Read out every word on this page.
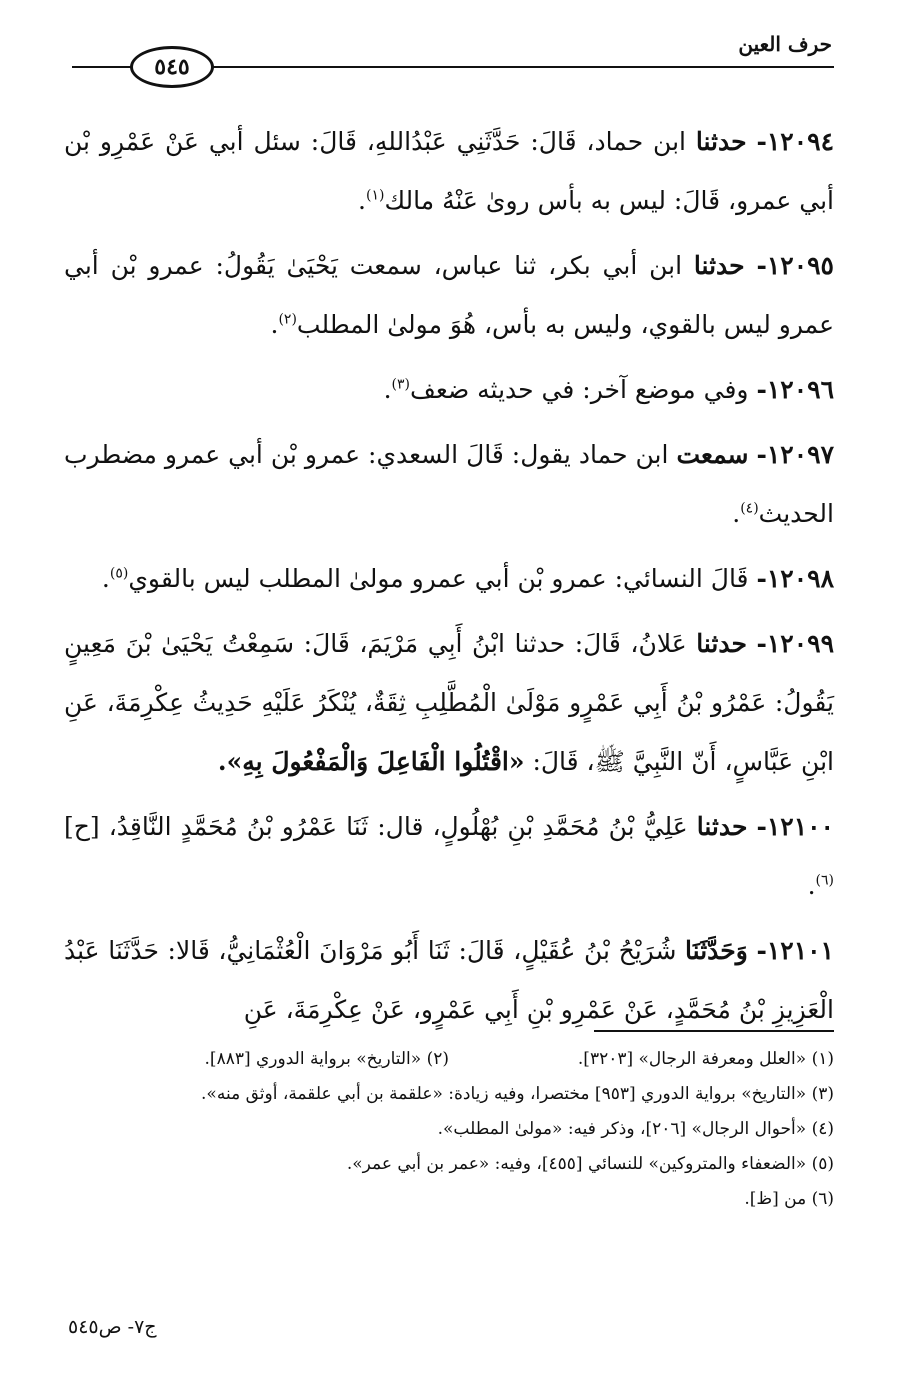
حرف العين
٥٤٥

١٢٠٩٤- حدثنا ابن حماد، قَالَ: حَدَّثَنِي عَبْدُاللهِ، قَالَ: سئل أبي عَنْ عَمْرِو بْن أبي عمرو، قَالَ: ليس به بأس روىٰ عَنْهُ مالك$^{(١)}$.

١٢٠٩٥- حدثنا ابن أبي بكر، ثنا عباس، سمعت يَحْيَىٰ يَقُولُ: عمرو بْن أبي عمرو ليس بالقوي، وليس به بأس، هُوَ مولىٰ المطلب$^{(٢)}$.

١٢٠٩٦- وفي موضع آخر: في حديثه ضعف$^{(٣)}$.

١٢٠٩٧- سمعت ابن حماد يقول: قَالَ السعدي: عمرو بْن أبي عمرو مضطرب الحديث$^{(٤)}$.

١٢٠٩٨- قَالَ النسائي: عمرو بْن أبي عمرو مولىٰ المطلب ليس بالقوي$^{(٥)}$.

١٢٠٩٩- حدثنا عَلانُ، قَالَ: حدثنا ابْنُ أَبِي مَرْيَمَ، قَالَ: سَمِعْتُ يَحْيَىٰ بْنَ مَعِينٍ يَقُولُ: عَمْرُو بْنُ أَبِي عَمْرٍو مَوْلَىٰ الْمُطَّلِبِ ثِقَةٌ، يُنْكَرُ عَلَيْهِ حَدِيثُ عِكْرِمَةَ، عَنِ ابْنِ عَبَّاسٍ، أَنّ النَّبِيَّ ﷺ، قَالَ: «اقْتُلُوا الْفَاعِلَ وَالْمَفْعُولَ بِهِ».

١٢١٠٠- حدثنا عَلِيُّ بْنُ مُحَمَّدِ بْنِ بُهْلُولٍ، قال: ثَنَا عَمْرُو بْنُ مُحَمَّدٍ النَّاقِدُ، [ح]$^{(٦)}$.

١٢١٠١- وَحَدَّثَنَا شُرَيْحُ بْنُ عُقَيْلٍ، قَالَ: ثَنَا أَبُو مَرْوَانَ الْعُثْمَانِيُّ، قَالا: حَدَّثَنَا عَبْدُ الْعَزِيزِ بْنُ مُحَمَّدٍ، عَنْ عَمْرِو بْنِ أَبِي عَمْرٍو، عَنْ عِكْرِمَةَ، عَنِ

(١) «العلل ومعرفة الرجال» [٣٢٠٣].
(٢) «التاريخ» برواية الدوري [٨٨٣].
(٣) «التاريخ» برواية الدوري [٩٥٣] مختصرا، وفيه زيادة: «علقمة بن أبي علقمة، أوثق منه».
(٤) «أحوال الرجال» [٢٠٦]، وذكر فيه: «مولىٰ المطلب».
(٥) «الضعفاء والمتروكين» للنسائي [٤٥٥]، وفيه: «عمر بن أبي عمر».
(٦) من [ظ].
ج٧- ص٥٤٥
